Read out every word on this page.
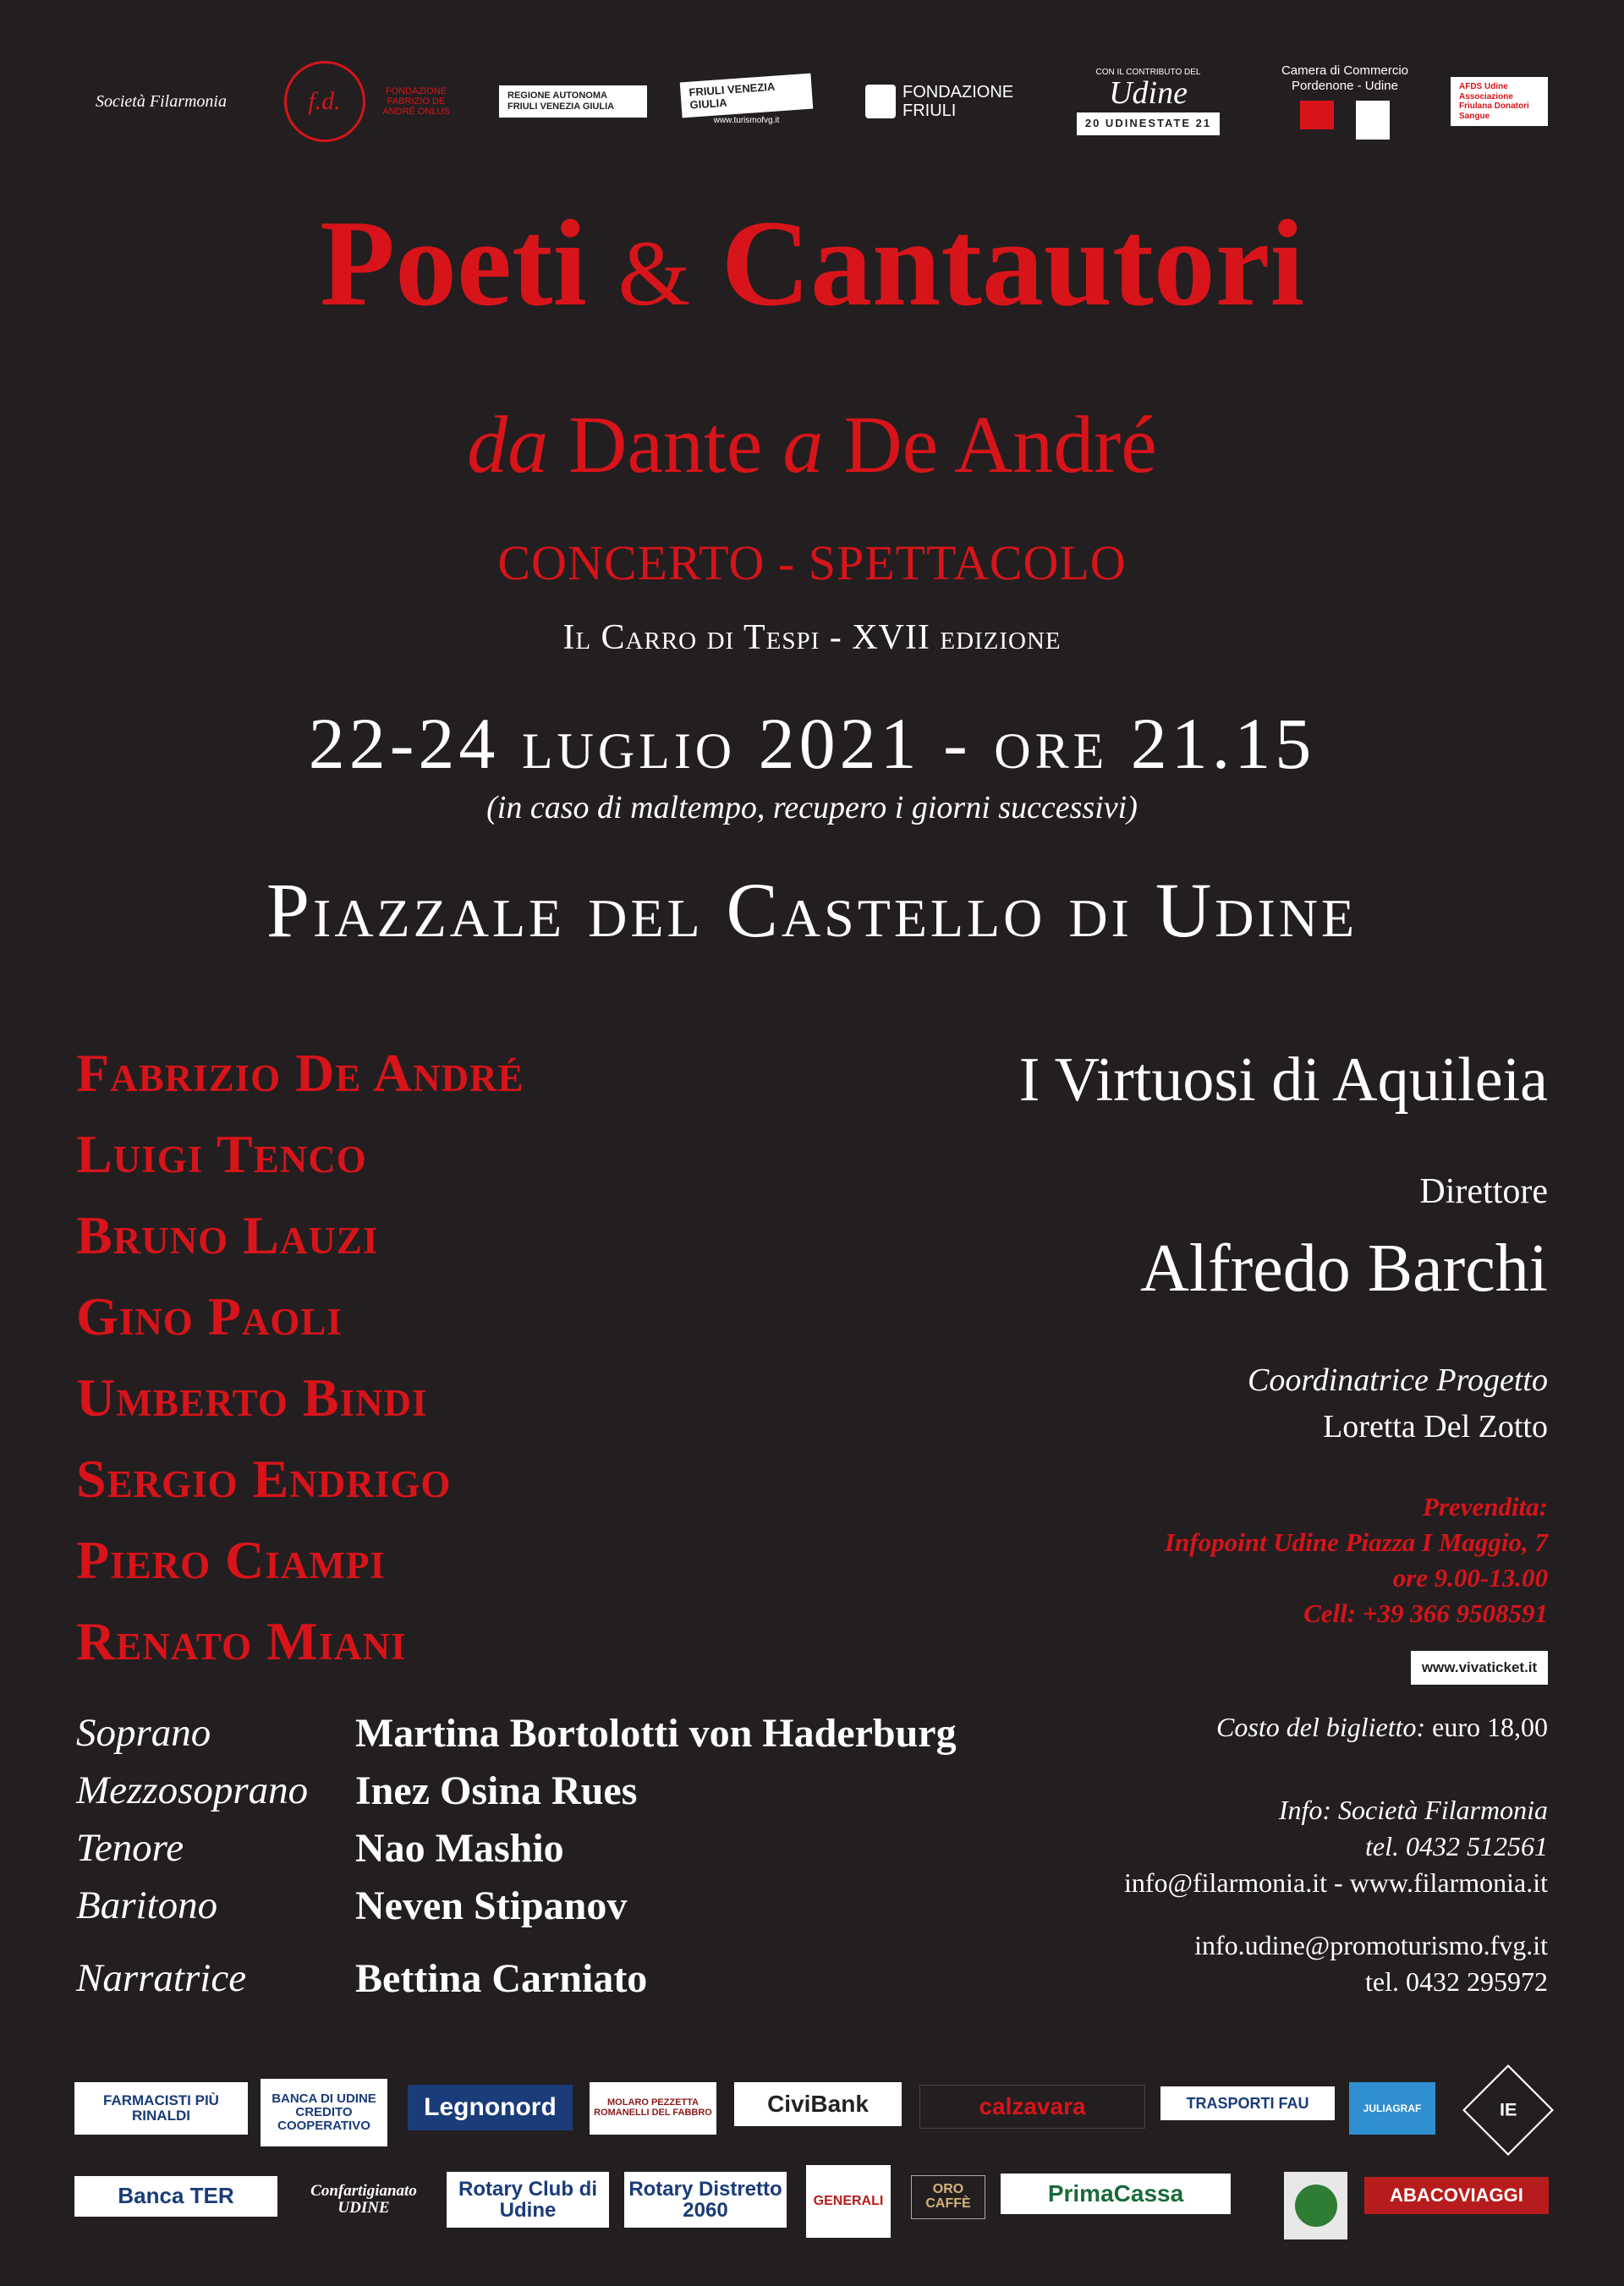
Società Filarmonia	f.d.	FONDAZIONE FABRIZIO DE ANDRÉ ONLUS
REGIONE AUTONOMA FRIULI VENEZIA GIULIA
FRIULI VENEZIA GIULIA
www.turismofvg.it
FONDAZIONE FRIULI
CON IL CONTRIBUTO DEL
Udine
20 UDINESTATE 21
Camera di Commercio Pordenone - Udine	AFDS Udine Associazione Friulana Donatori Sangue
Poeti & Cantautori
da Dante a De André
CONCERTO - SPETTACOLO
Il Carro di Tespi - XVII edizione
22-24 luglio 2021 - ore 21.15
(in caso di maltempo, recupero i giorni successivi)
Piazzale del Castello di Udine
Fabrizio De André
Luigi Tenco
Bruno Lauzi
Gino Paoli
Umberto Bindi
Sergio Endrigo
Piero Ciampi
Renato Miani
I Virtuosi di Aquileia
Direttore
Alfredo Barchi
Coordinatrice Progetto
Loretta Del Zotto
Prevendita:
Infopoint Udine Piazza I Maggio, 7
ore 9.00-13.00
Cell: +39 366 9508591
www.vivaticket.it
Costo del biglietto: euro 18,00
Info: Società Filarmonia
tel. 0432 512561
info@filarmonia.it - www.filarmonia.it
info.udine@promoturismo.fvg.it
tel. 0432 295972
Soprano	Martina Bortolotti von Haderburg
Mezzosoprano Inez Osina Rues
Tenore	Nao Mashio
Baritono	Neven Stipanov
Narratrice	Bettina Carniato
FARMACISTI PIÙ RINALDI
BANCA DI UDINE CREDITO COOPERATIVO
Legnonord	MOLARO PEZZETTA ROMANELLI DEL FABBRO	CiviBank	calzavara	TRASPORTI FAU	JULIAGRAF	IE
Banca TER	Confartigianato UDINE
Rotary Club di Udine
Rotary Distretto 2060	GENERALI
ORO CAFFÈ	PrimaCassa	ABACOVIAGGI
